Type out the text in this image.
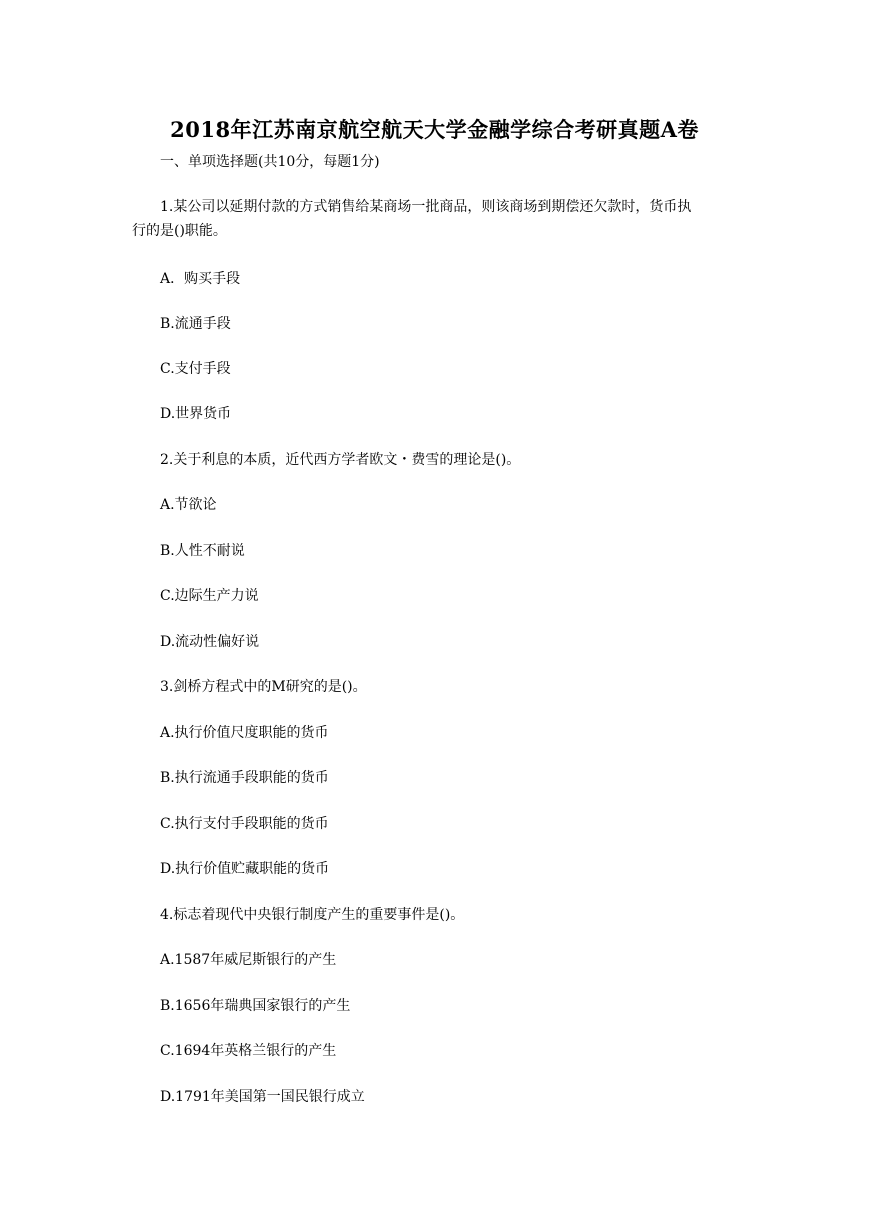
2018年江苏南京航空航天大学金融学综合考研真题A卷
一、单项选择题(共10分，每题1分)
1.某公司以延期付款的方式销售给某商场一批商品，则该商场到期偿还欠款时，货币执
行的是()职能。
A．购买手段
B.流通手段
C.支付手段
D.世界货币
2.关于利息的本质，近代西方学者欧文・费雪的理论是()。
A.节欲论
B.人性不耐说
C.边际生产力说
D.流动性偏好说
3.剑桥方程式中的M研究的是()。
A.执行价值尺度职能的货币
B.执行流通手段职能的货币
C.执行支付手段职能的货币
D.执行价值贮藏职能的货币
4.标志着现代中央银行制度产生的重要事件是()。
A.1587年威尼斯银行的产生
B.1656年瑞典国家银行的产生
C.1694年英格兰银行的产生
D.1791年美国第一国民银行成立
